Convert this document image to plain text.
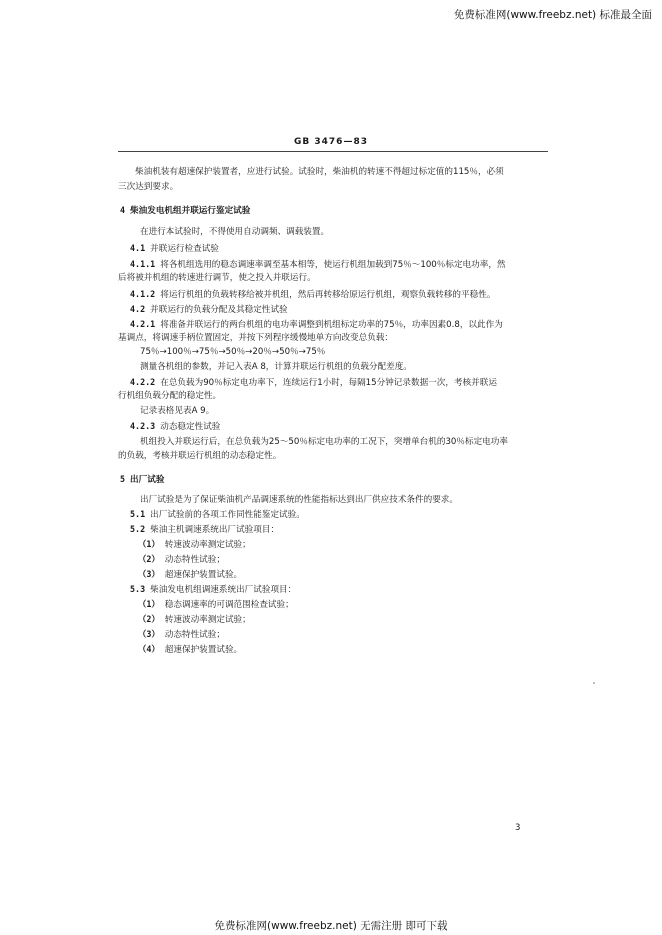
免费标准网(www.freebz.net) 标准最全面
GB 3476—83
柴油机装有超速保护装置者，应进行试验。试验时，柴油机的转速不得超过标定值的115％，必须
三次达到要求。
4 柴油发电机组并联运行鉴定试验
在进行本试验时，不得使用自动调频、调载装置。
4.1 并联运行检查试验
4.1.1 将各机组选用的稳态调速率调至基本相等，使运行机组加载到75％～100％标定电功率，然
后将被并机组的转速进行调节，使之投入并联运行。
4.1.2 将运行机组的负载转移给被并机组，然后再转移给原运行机组，观察负载转移的平稳性。
4.2 并联运行的负载分配及其稳定性试验
4.2.1 将准备并联运行的两台机组的电功率调整到机组标定功率的75％，功率因素0.8，以此作为
基调点，将调速手柄位置固定，并按下列程序缓慢地单方向改变总负载：
75％→100％→75％→50％→20％→50％→75％
测量各机组的参数，并记入表A 8，计算并联运行机组的负载分配差度。
4.2.2 在总负载为90％标定电功率下，连续运行1小时，每隔15分钟记录数据一次，考核并联运
行机组负载分配的稳定性。
记录表格见表A 9。
4.2.3 动态稳定性试验
机组投入并联运行后，在总负载为25～50％标定电功率的工况下，突增单台机的30％标定电功率
的负载，考核并联运行机组的动态稳定性。
5 出厂试验
出厂试验是为了保证柴油机产品调速系统的性能指标达到出厂供应技术条件的要求。
5.1 出厂试验前的各项工作同性能鉴定试验。
5.2 柴油主机调速系统出厂试验项目：
（1） 转速波动率测定试验；
（2） 动态特性试验；
（3） 超速保护装置试验。
5.3 柴油发电机组调速系统出厂试验项目：
（1） 稳态调速率的可调范围检查试验；
（2） 转速波动率测定试验；
（3） 动态特性试验；
（4） 超速保护装置试验。
3
免费标准网(www.freebz.net) 无需注册 即可下载
